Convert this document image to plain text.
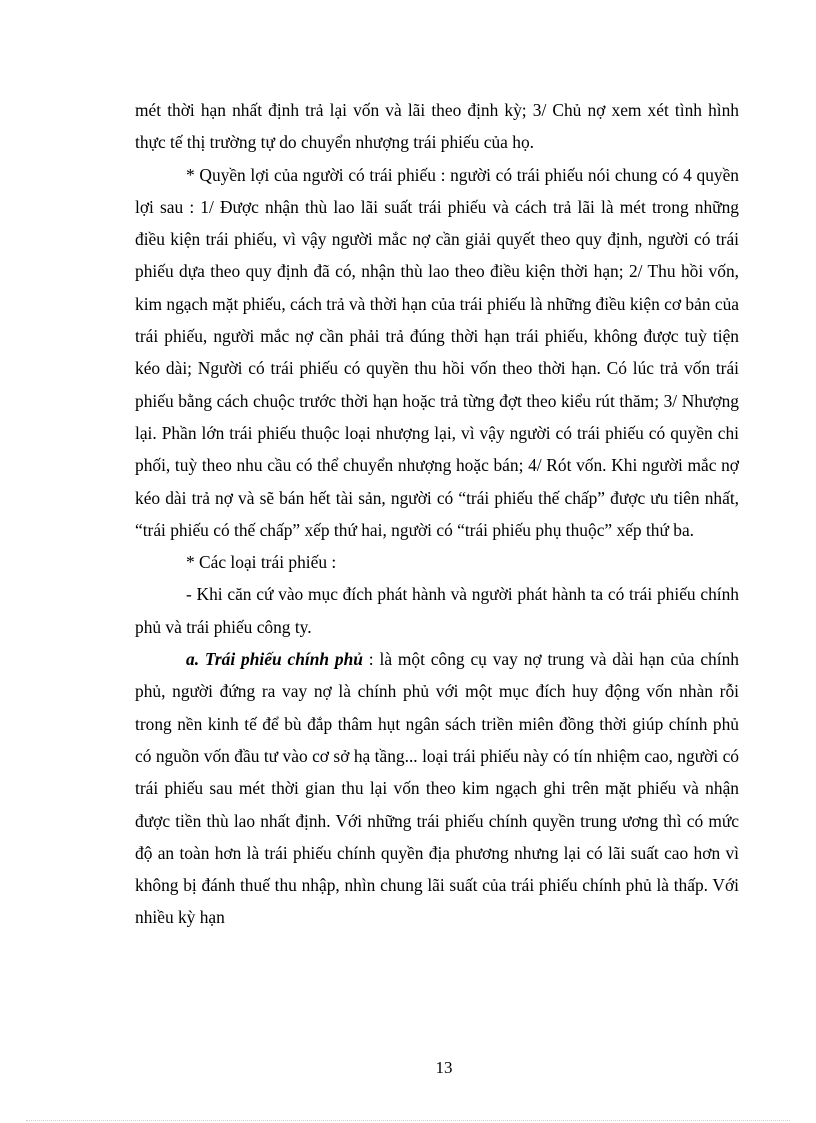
mét thời hạn nhất định trả lại vốn và lãi theo định kỳ; 3/ Chủ nợ xem xét tình hình thực tế thị trường tự do chuyển nhượng trái phiếu của họ.

* Quyền lợi của người có trái phiếu : người có trái phiếu nói chung có 4 quyền lợi sau : 1/ Được nhận thù lao lãi suất trái phiếu và cách trả lãi là mét trong những điều kiện trái phiếu, vì vậy người mắc nợ cần giải quyết theo quy định, người có trái phiếu dựa theo quy định đã có, nhận thù lao theo điều kiện thời hạn; 2/ Thu hồi vốn, kim ngạch mặt phiếu, cách trả và thời hạn của trái phiếu là những điều kiện cơ bản của trái phiếu, người mắc nợ cần phải trả đúng thời hạn trái phiếu, không được tuỳ tiện kéo dài; Người có trái phiếu có quyền thu hồi vốn theo thời hạn. Có lúc trả vốn trái phiếu bằng cách chuộc trước thời hạn hoặc trả từng đợt theo kiểu rút thăm; 3/ Nhượng lại. Phần lớn trái phiếu thuộc loại nhượng lại, vì vậy người có trái phiếu có quyền chi phối, tuỳ theo nhu cầu có thể chuyển nhượng hoặc bán; 4/ Rót vốn. Khi người mắc nợ kéo dài trả nợ và sẽ bán hết tài sản, người có “trái phiếu thế chấp” được ưu tiên nhất, “trái phiếu có thế chấp” xếp thứ hai, người có “trái phiếu phụ thuộc” xếp thứ ba.

* Các loại trái phiếu :

- Khi căn cứ vào mục đích phát hành và người phát hành ta có trái phiếu chính phủ và trái phiếu công ty.

a. Trái phiếu chính phủ : là một công cụ vay nợ trung và dài hạn của chính phủ, người đứng ra vay nợ là chính phủ với một mục đích huy động vốn nhàn rỗi trong nền kinh tế để bù đắp thâm hụt ngân sách triền miên đồng thời giúp chính phủ có nguồn vốn đầu tư vào cơ sở hạ tầng... loại trái phiếu này có tín nhiệm cao, người có trái phiếu sau mét thời gian thu lại vốn theo kim ngạch ghi trên mặt phiếu và nhận được tiền thù lao nhất định. Với những trái phiếu chính quyền trung ương thì có mức độ an toàn hơn là trái phiếu chính quyền địa phương nhưng lại có lãi suất cao hơn vì không bị đánh thuế thu nhập, nhìn chung lãi suất của trái phiếu chính phủ là thấp. Với nhiều kỳ hạn

13
